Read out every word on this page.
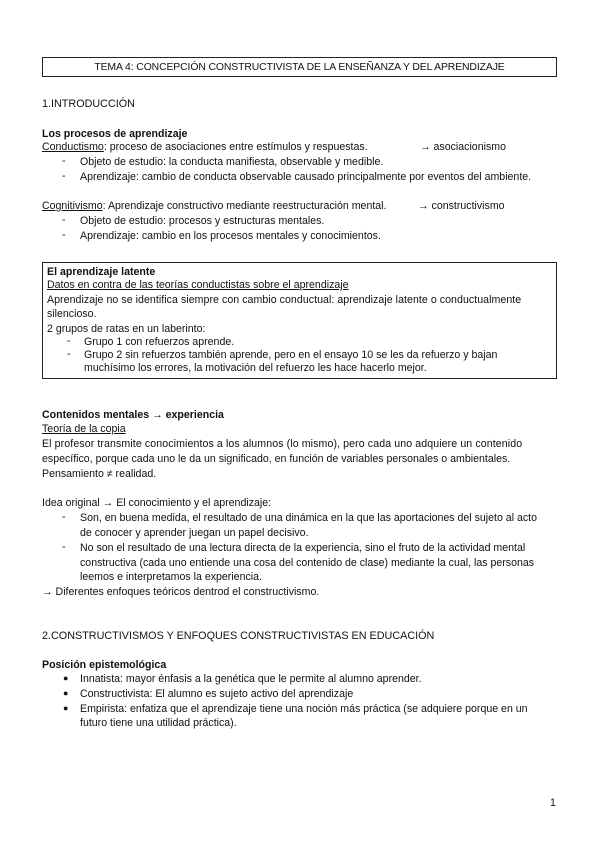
TEMA 4: CONCEPCIÓN CONSTRUCTIVISTA DE LA ENSEÑANZA Y DEL APRENDIZAJE
1.INTRODUCCIÓN
Los procesos de aprendizaje
Conductismo: proceso de asociaciones entre estímulos y respuestas.	→ asociacionismo
- Objeto de estudio: la conducta manifiesta, observable y medible.
- Aprendizaje: cambio de conducta observable causado principalmente por eventos del ambiente.
Cognitivismo: Aprendizaje constructivo mediante reestructuración mental.	→ constructivismo
- Objeto de estudio: procesos y estructuras mentales.
- Aprendizaje: cambio en los procesos mentales y conocimientos.
El aprendizaje latente
Datos en contra de las teorías conductistas sobre el aprendizaje
Aprendizaje no se identifica siempre con cambio conductual: aprendizaje latente o conductualmente
silencioso.
2 grupos de ratas en un laberinto:
- Grupo 1 con refuerzos aprende.
- Grupo 2 sin refuerzos también aprende, pero en el ensayo 10 se les da refuerzo y bajan
muchísimo los errores, la motivación del refuerzo les hace hacerlo mejor.
Contenidos mentales → experiencia
Teoría de la copia
El profesor transmite conocimientos a los alumnos (lo mismo), pero cada uno adquiere un contenido
específico, porque cada uno le da un significado, en función de variables personales o ambientales.
Pensamiento ≠ realidad.
Idea original → El conocimiento y el aprendizaje:
- Son, en buena medida, el resultado de una dinámica en la que las aportaciones del sujeto al acto
de conocer y aprender juegan un papel decisivo.
- No son el resultado de una lectura directa de la experiencia, sino el fruto de la actividad mental
constructiva (cada uno entiende una cosa del contenido de clase) mediante la cual, las personas
leemos e interpretamos la experiencia.
→ Diferentes enfoques teóricos dentrod el constructivismo.
2.CONSTRUCTIVISMOS Y ENFOQUES CONSTRUCTIVISTAS EN EDUCACIÓN
Posición epistemológica
● Innatista: mayor énfasis a la genética que le permite al alumno aprender.
● Constructivista: El alumno es sujeto activo del aprendizaje
● Empirista: enfatiza que el aprendizaje tiene una noción más práctica (se adquiere porque en un
futuro tiene una utilidad práctica).
1
